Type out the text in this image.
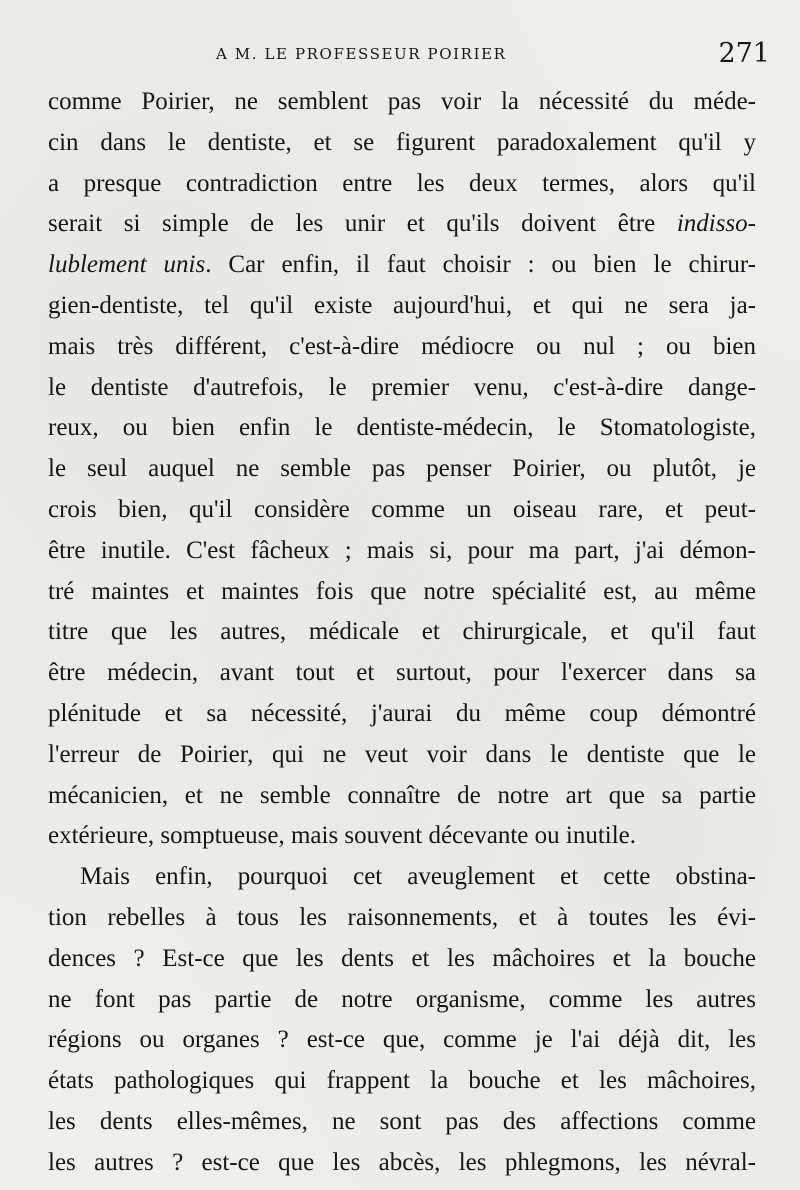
A M. LE PROFESSEUR POIRIER	271
comme Poirier, ne semblent pas voir la nécessité du méde-
cin dans le dentiste, et se figurent paradoxalement qu'il y
a presque contradiction entre les deux termes, alors qu'il
serait si simple de les unir et qu'ils doivent être indisso-
lublement unis. Car enfin, il faut choisir : ou bien le chirur-
gien-dentiste, tel qu'il existe aujourd'hui, et qui ne sera ja-
mais très différent, c'est-à-dire médiocre ou nul ; ou bien
le dentiste d'autrefois, le premier venu, c'est-à-dire dange-
reux, ou bien enfin le dentiste-médecin, le Stomatologiste,
le seul auquel ne semble pas penser Poirier, ou plutôt, je
crois bien, qu'il considère comme un oiseau rare, et peut-
être inutile. C'est fâcheux ; mais si, pour ma part, j'ai démon-
tré maintes et maintes fois que notre spécialité est, au même
titre que les autres, médicale et chirurgicale, et qu'il faut
être médecin, avant tout et surtout, pour l'exercer dans sa
plénitude et sa nécessité, j'aurai du même coup démontré
l'erreur de Poirier, qui ne veut voir dans le dentiste que le
mécanicien, et ne semble connaître de notre art que sa partie
extérieure, somptueuse, mais souvent décevante ou inutile.
Mais enfin, pourquoi cet aveuglement et cette obstina-
tion rebelles à tous les raisonnements, et à toutes les évi-
dences ? Est-ce que les dents et les mâchoires et la bouche
ne font pas partie de notre organisme, comme les autres
régions ou organes ? est-ce que, comme je l'ai déjà dit, les
états pathologiques qui frappent la bouche et les mâchoires,
les dents elles-mêmes, ne sont pas des affections comme
les autres ? est-ce que les abcès, les phlegmons, les névral-
